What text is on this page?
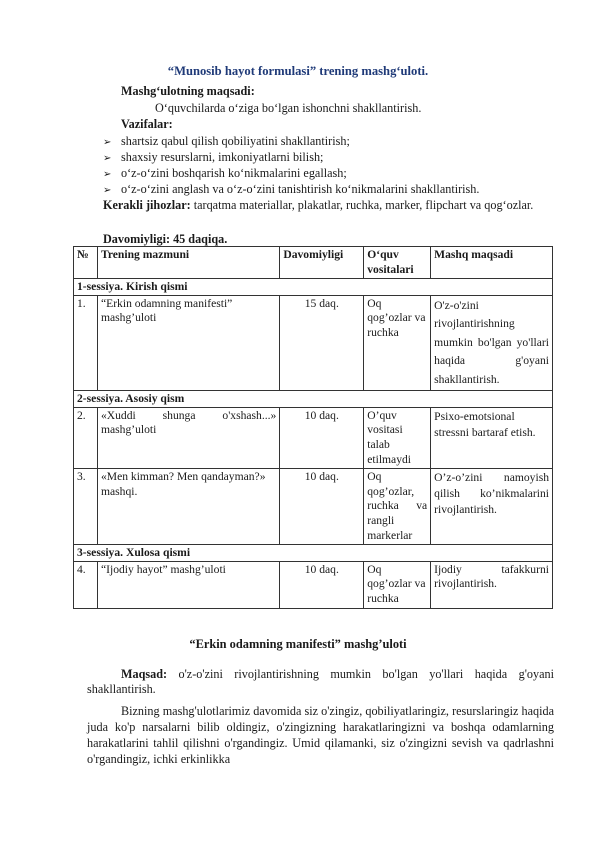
“Munosib hayot formulasi” trening mashg‘uloti.
Mashg‘ulotning maqsadi:
O‘quvchilarda o‘ziga bo‘lgan ishonchni shakllantirish.
Vazifalar:
➢ shartsiz qabul qilish qobiliyatini shakllantirish;
➢ shaxsiy resurslarni, imkoniyatlarni bilish;
➢ o‘z-o‘zini boshqarish ko‘nikmalarini egallash;
➢ o‘z-o‘zini anglash va o‘z-o‘zini tanishtirish ko‘nikmalarini shakllantirish.
Kerakli jihozlar: tarqatma materiallar, plakatlar, ruchka, marker, flipchart va qog‘ozlar.
Davomiyligi: 45 daqiqa.
№	Trening mazmuni	Davomiyligi	O‘quv vositalari	Mashq maqsadi
1-sessiya. Kirish qismi				
1.	“Erkin odamning manifesti” mashg’uloti	15 daq.	Oq qog’ozlar va ruchka	O'z-o'zini rivojlantirishning mumkin bo'lgan yo'llari haqida g'oyani shakllantirish.
2-sessiya. Asosiy qism				
2.	«Xuddi shunga o'xshash...» mashg’uloti	10 daq.	O’quv vositasi talab etilmaydi	Psixo-emotsional stressni bartaraf etish.
3.	«Men kimman? Men qandayman?» mashqi.	10 daq.	Oq qog’ozlar, ruchka va rangli markerlar	O’z-o’zini namoyish qilish ko’nikmalarini rivojlantirish.
3-sessiya. Xulosa qismi				
4.	“Ijodiy hayot” mashg’uloti	10 daq.	Oq qog’ozlar va ruchka	Ijodiy tafakkurni rivojlantirish.
“Erkin odamning manifesti” mashg’uloti
Maqsad: o'z-o'zini rivojlantirishning mumkin bo'lgan yo'llari haqida g'oyani shakllantirish.
Bizning mashg'ulotlarimiz davomida siz o'zingiz, qobiliyatlaringiz, resurslaringiz haqida juda ko'p narsalarni bilib oldingiz, o'zingizning harakatlaringizni va boshqa odamlarning harakatlarini tahlil qilishni o'rgandingiz. Umid qilamanki, siz o'zingizni sevish va qadrlashni o'rgandingiz, ichki erkinlikka
